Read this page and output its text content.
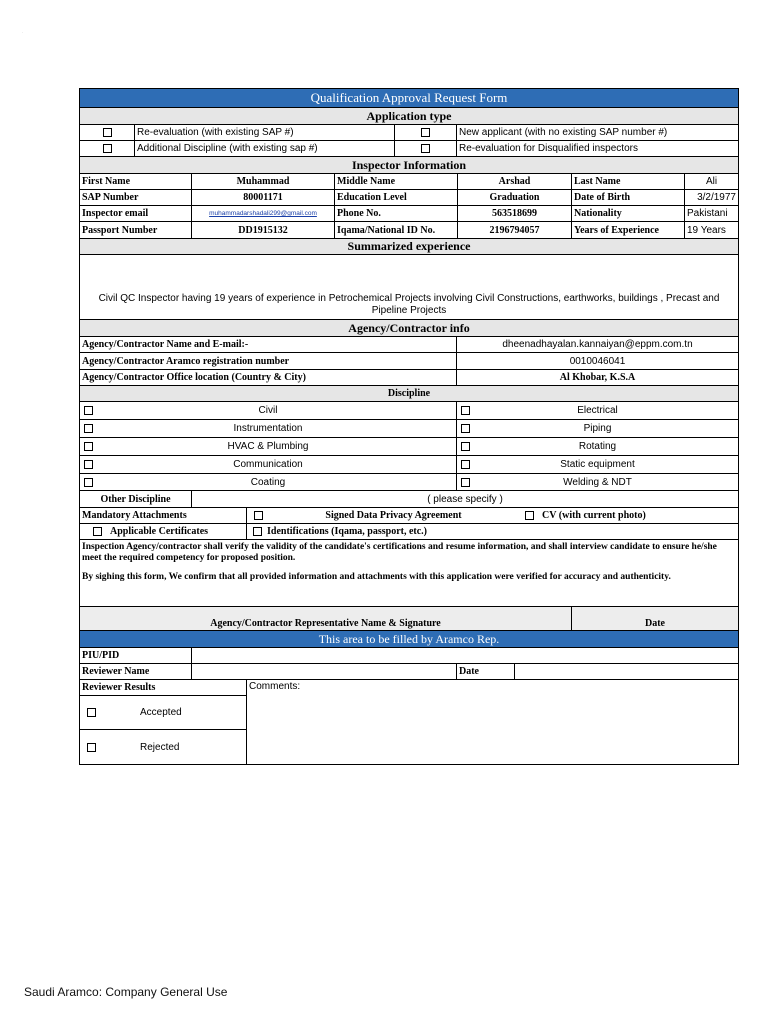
·
Qualification Approval Request Form
Application type
Re-evaluation (with existing SAP #)	New applicant (with no existing SAP number #)
Additional Discipline (with existing sap #)	Re-evaluation for Disqualified inspectors
Inspector Information
First Name	Muhammad	Middle Name	Arshad	Last Name	Ali
SAP Number	80001171	Education Level	Graduation	Date of Birth	3/2/1977
Inspector email	muhammadarshadali299@gmail.com	Phone No.	563518699	Nationality	Pakistani
Passport Number	DD1915132	Iqama/National ID No.	2196794057	Years of Experience	19 Years
Summarized experience
Civil QC Inspector having 19 years of experience in Petrochemical Projects involving Civil Constructions, earthworks, buildings , Precast and Pipeline Projects
Agency/Contractor info
Agency/Contractor Name and E-mail:-	dheenadhayalan.kannaiyan@eppm.com.tn
Agency/Contractor Aramco registration number	0010046041
Agency/Contractor Office location (Country & City)	Al Khobar, K.S.A
Discipline
Civil	Electrical
Instrumentation	Piping
HVAC & Plumbing	Rotating
Communication	Static equipment
Coating	Welding & NDT
Other Discipline	( please specify )
Mandatory Attachments	Signed Data Privacy Agreement	CV (with current photo)
Applicable Certificates	Identifications (Iqama, passport, etc.)
Inspection Agency/contractor shall verify the validity of the candidate's certifications and resume information, and shall interview candidate to ensure he/she meet the required competency for proposed position.
By sighing this form, We confirm that all provided information and attachments with this application were verified for accuracy and authenticity.
Agency/Contractor Representative Name & Signature	Date
This area to be filled by Aramco Rep.
PIU/PID
Reviewer Name	Date
Reviewer Results
Accepted
Rejected
Comments:
Saudi Aramco: Company General Use
